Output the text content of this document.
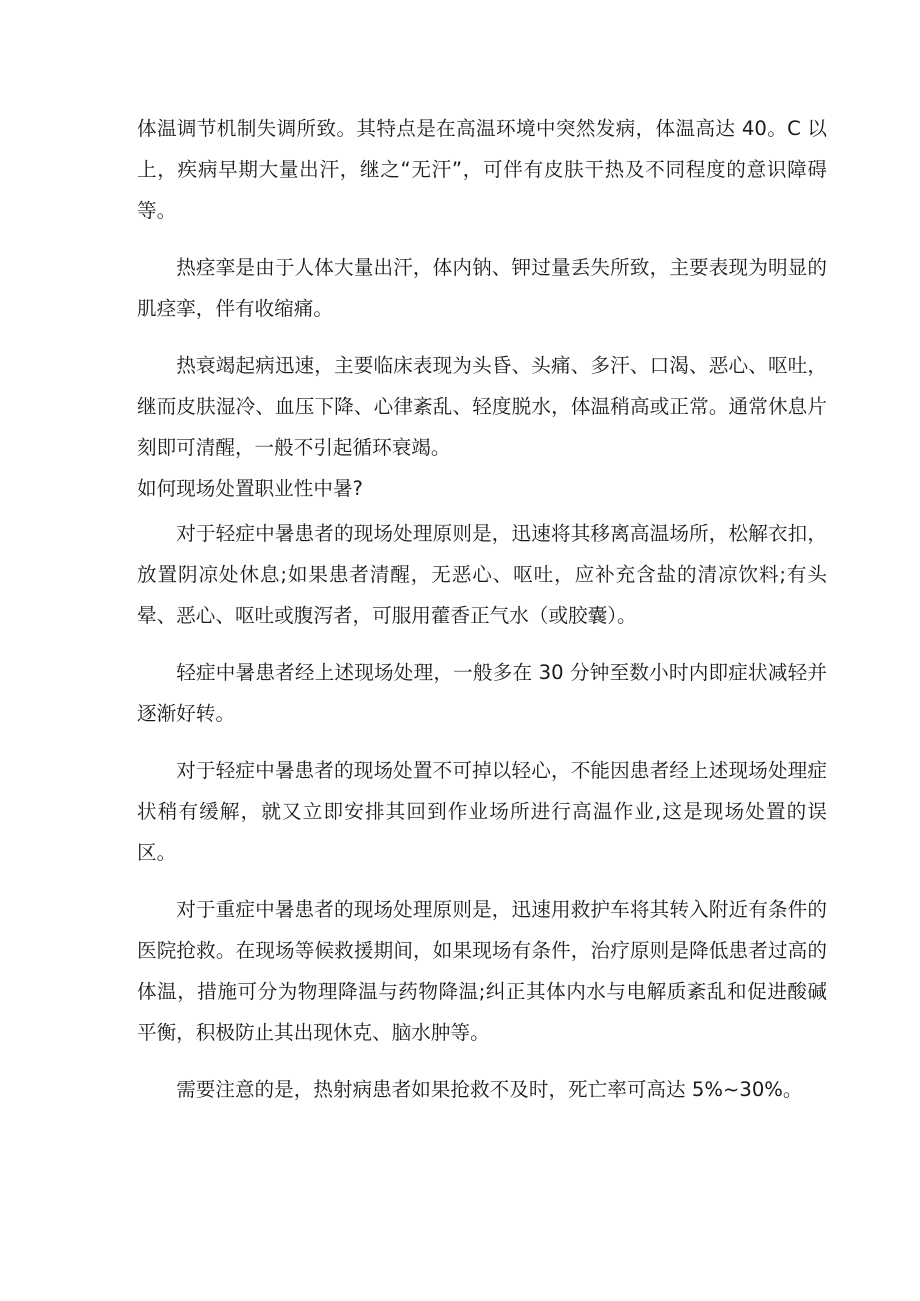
体温调节机制失调所致。其特点是在高温环境中突然发病，体温高达 40。C 以上，疾病早期大量出汗，继之“无汗”，可伴有皮肤干热及不同程度的意识障碍等。

热痉挛是由于人体大量出汗，体内钠、钾过量丢失所致，主要表现为明显的肌痉挛，伴有收缩痛。

热衰竭起病迅速，主要临床表现为头昏、头痛、多汗、口渴、恶心、呕吐，继而皮肤湿冷、血压下降、心律紊乱、轻度脱水，体温稍高或正常。通常休息片刻即可清醒，一般不引起循环衰竭。

如何现场处置职业性中暑?

对于轻症中暑患者的现场处理原则是，迅速将其移离高温场所，松解衣扣，放置阴凉处休息;如果患者清醒，无恶心、呕吐，应补充含盐的清凉饮料;有头晕、恶心、呕吐或腹泻者，可服用藿香正气水（或胶囊）。

轻症中暑患者经上述现场处理，一般多在 30 分钟至数小时内即症状减轻并逐渐好转。

对于轻症中暑患者的现场处置不可掉以轻心，不能因患者经上述现场处理症状稍有缓解，就又立即安排其回到作业场所进行高温作业,这是现场处置的误区。

对于重症中暑患者的现场处理原则是，迅速用救护车将其转入附近有条件的医院抢救。在现场等候救援期间，如果现场有条件，治疗原则是降低患者过高的体温，措施可分为物理降温与药物降温;纠正其体内水与电解质紊乱和促进酸碱平衡，积极防止其出现休克、脑水肿等。

需要注意的是，热射病患者如果抢救不及时，死亡率可高达 5%~30%。
